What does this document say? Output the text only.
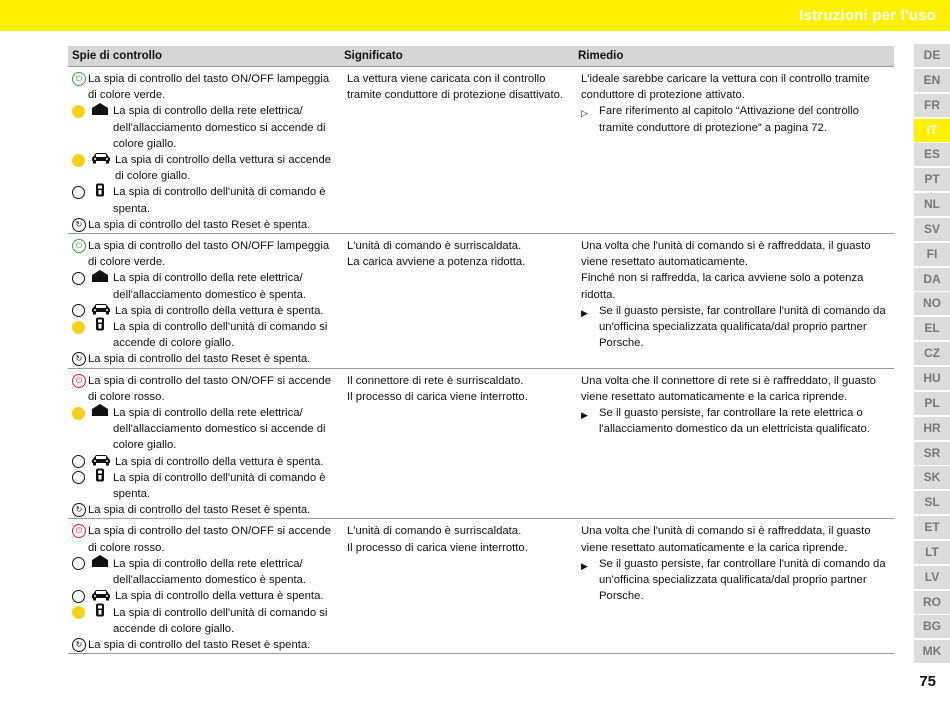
Istruzioni per l'uso
Spie di controllo	Significato	Rimedio
⏻ La spia di controllo del tasto ON/OFF lampeggia di colore verde.
La spia di controllo della rete elettrica/ dell'allacciamento domestico si accende di colore giallo.
La spia di controllo della vettura si accende di colore giallo.
La spia di controllo dell'unità di comando è spenta.
↻ La spia di controllo del tasto Reset è spenta.

La vettura viene caricata con il controllo tramite conduttore di protezione disattivato.

L'ideale sarebbe caricare la vettura con il controllo tramite conduttore di protezione attivato.

▷ Fare riferimento al capitolo “Attivazione del controllo tramite conduttore di protezione” a pagina 72.
⏻ La spia di controllo del tasto ON/OFF lampeggia di colore verde.
La spia di controllo della rete elettrica/ dell'allacciamento domestico è spenta.
La spia di controllo della vettura è spenta.
La spia di controllo dell'unità di comando si accende di colore giallo.
↻ La spia di controllo del tasto Reset è spenta.

L'unità di comando è surriscaldata.

La carica avviene a potenza ridotta.

Una volta che l'unità di comando si è raffreddata, il guasto viene resettato automaticamente.

Finché non si raffredda, la carica avviene solo a potenza ridotta.

▶ Se il guasto persiste, far controllare l'unità di comando da un'officina specializzata qualificata/dal proprio partner Porsche.
⏻ La spia di controllo del tasto ON/OFF si accende di colore rosso.
La spia di controllo della rete elettrica/ dell'allacciamento domestico si accende di colore giallo.
La spia di controllo della vettura è spenta.
La spia di controllo dell'unità di comando è spenta.
↻ La spia di controllo del tasto Reset è spenta.

Il connettore di rete è surriscaldato.

Il processo di carica viene interrotto.

Una volta che il connettore di rete si è raffreddato, il guasto viene resettato automaticamente e la carica riprende.

▶ Se il guasto persiste, far controllare la rete elettrica o l'allacciamento domestico da un elettricista qualificato.
⏻ La spia di controllo del tasto ON/OFF si accende di colore rosso.
La spia di controllo della rete elettrica/ dell'allacciamento domestico è spenta.
La spia di controllo della vettura è spenta.
La spia di controllo dell'unità di comando si accende di colore giallo.
↻ La spia di controllo del tasto Reset è spenta.

L'unità di comando è surriscaldata.

Il processo di carica viene interrotto.

Una volta che l'unità di comando si è raffreddata, il guasto viene resettato automaticamente e la carica riprende.

▶ Se il guasto persiste, far controllare l'unità di comando da un'officina specializzata qualificata/dal proprio partner Porsche.
DE
EN
FR
IT
ES
PT
NL
SV
FI
DA
NO
EL
CZ
HU
PL
HR
SR
SK
SL
ET
LT
LV
RO
BG
MK
75
